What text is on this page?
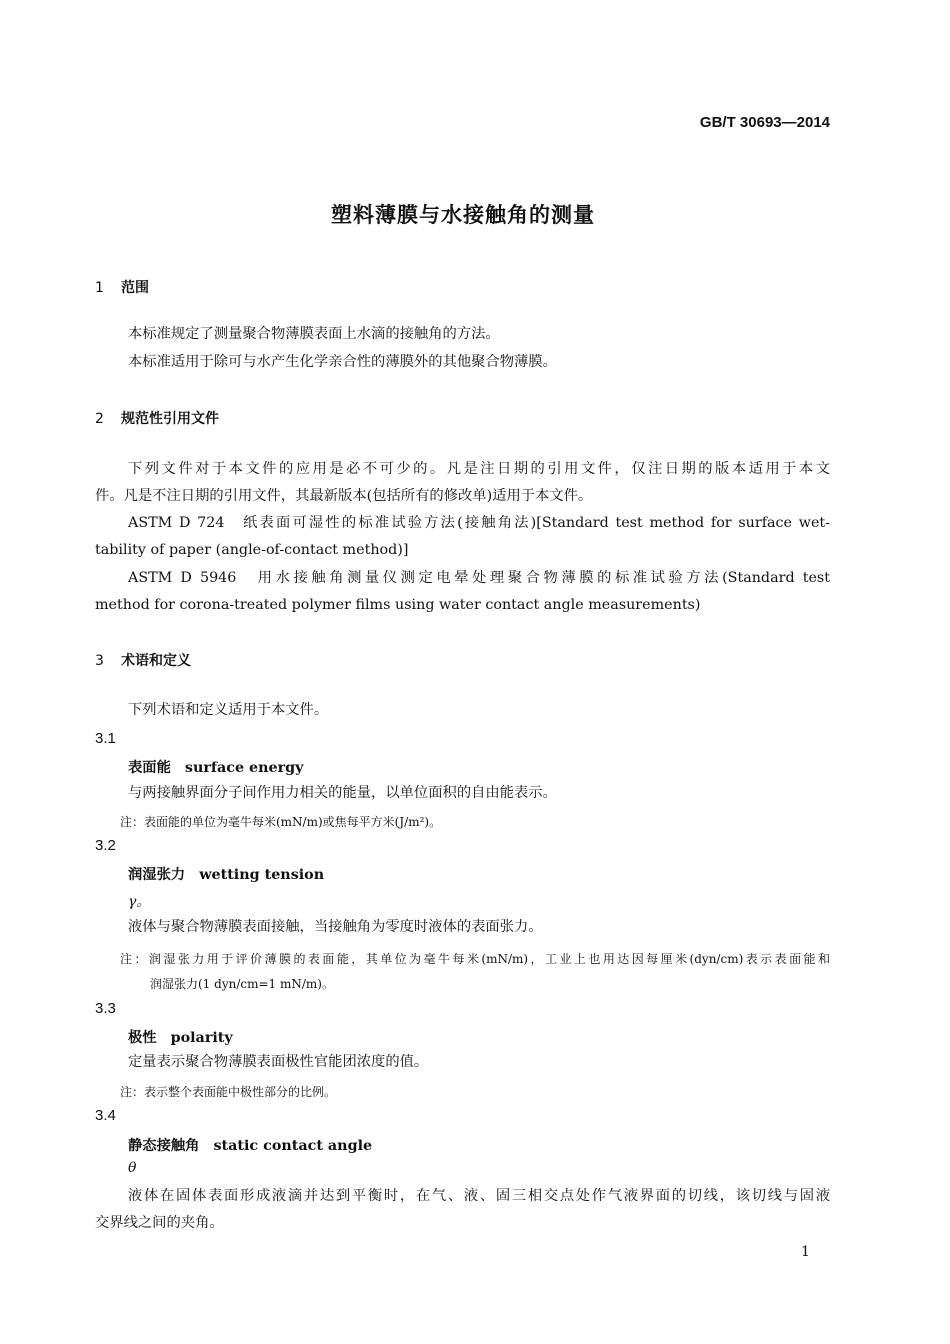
GB/T 30693—2014
塑料薄膜与水接触角的测量
1 范围
本标准规定了测量聚合物薄膜表面上水滴的接触角的方法。
本标准适用于除可与水产生化学亲合性的薄膜外的其他聚合物薄膜。
2 规范性引用文件
下列文件对于本文件的应用是必不可少的。凡是注日期的引用文件，仅注日期的版本适用于本文
件。凡是不注日期的引用文件，其最新版本(包括所有的修改单)适用于本文件。
ASTM D 724　纸表面可湿性的标准试验方法(接触角法)[Standard test method for surface wet-
tability of paper (angle-of-contact method)]
ASTM D 5946　用水接触角测量仪测定电晕处理聚合物薄膜的标准试验方法(Standard test
method for corona-treated polymer films using water contact angle measurements)
3 术语和定义
下列术语和定义适用于本文件。
3.1
表面能 surface energy
与两接触界面分子间作用力相关的能量，以单位面积的自由能表示。
注：表面能的单位为毫牛每米(mN/m)或焦每平方米(J/m²)。
3.2
润湿张力 wetting tension
γ。
液体与聚合物薄膜表面接触，当接触角为零度时液体的表面张力。
注：润湿张力用于评价薄膜的表面能，其单位为毫牛每米(mN/m)，工业上也用达因每厘米(dyn/cm)表示表面能和
润湿张力(1 dyn/cm=1 mN/m)。
3.3
极性 polarity
定量表示聚合物薄膜表面极性官能团浓度的值。
注：表示整个表面能中极性部分的比例。
3.4
静态接触角 static contact angle
θ
液体在固体表面形成液滴并达到平衡时，在气、液、固三相交点处作气液界面的切线，该切线与固液
交界线之间的夹角。
1
